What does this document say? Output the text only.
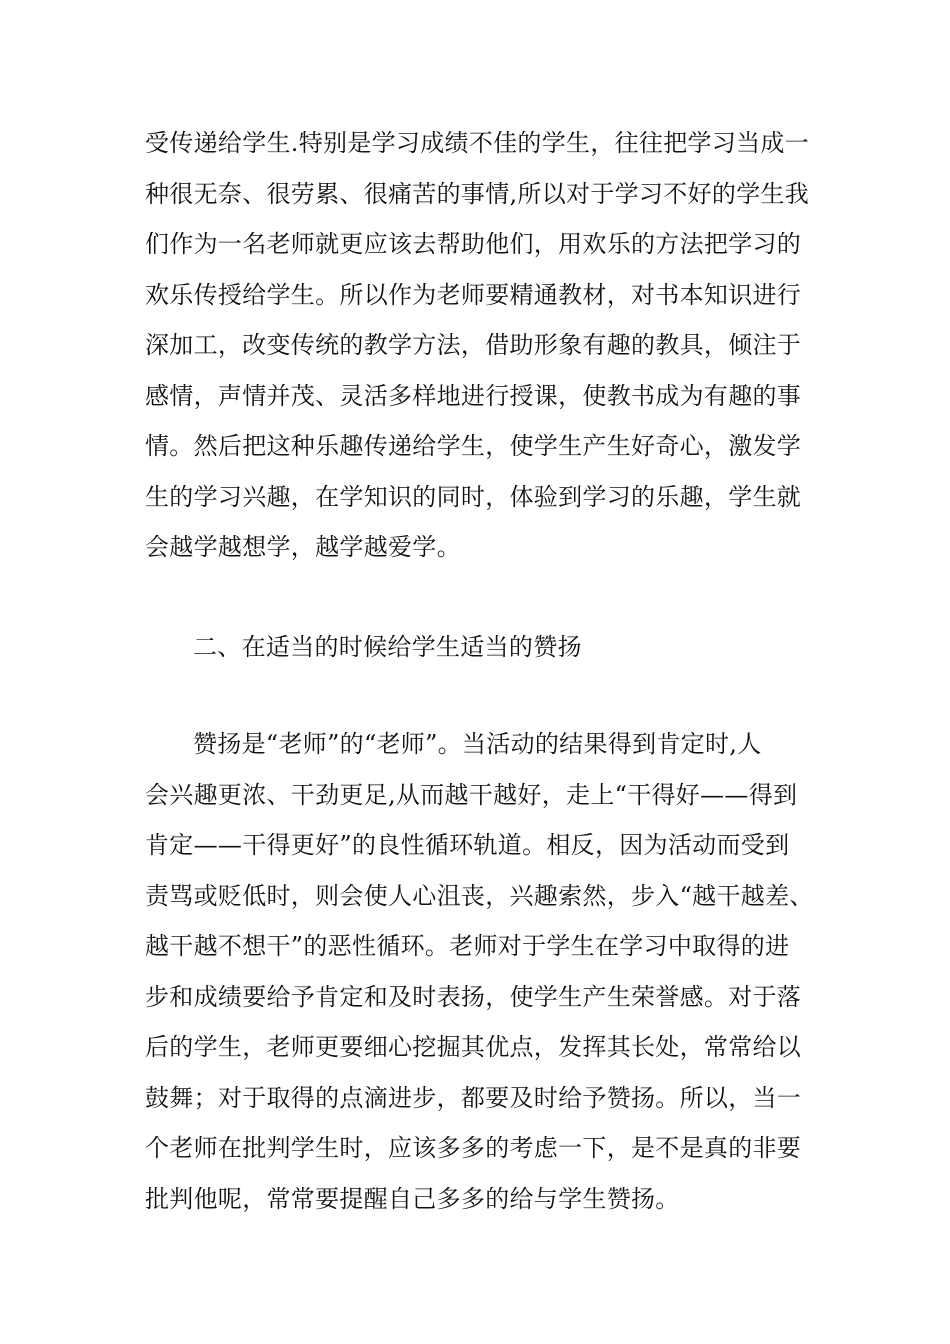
受传递给学生.特别是学习成绩不佳的学生，往往把学习当成一
种很无奈、很劳累、很痛苦的事情,所以对于学习不好的学生我
们作为一名老师就更应该去帮助他们，用欢乐的方法把学习的
欢乐传授给学生。所以作为老师要精通教材，对书本知识进行
深加工，改变传统的教学方法，借助形象有趣的教具，倾注于
感情，声情并茂、灵活多样地进行授课，使教书成为有趣的事
情。然后把这种乐趣传递给学生，使学生产生好奇心，激发学
生的学习兴趣，在学知识的同时，体验到学习的乐趣，学生就
会越学越想学，越学越爱学。
二、在适当的时候给学生适当的赞扬
赞扬是“老师”的“老师”。当活动的结果得到肯定时,人
会兴趣更浓、干劲更足,从而越干越好，走上“干得好——得到
肯定——干得更好”的良性循环轨道。相反，因为活动而受到
责骂或贬低时，则会使人心沮丧，兴趣索然，步入“越干越差、
越干越不想干”的恶性循环。老师对于学生在学习中取得的进
步和成绩要给予肯定和及时表扬，使学生产生荣誉感。对于落
后的学生，老师更要细心挖掘其优点，发挥其长处，常常给以
鼓舞；对于取得的点滴进步，都要及时给予赞扬。所以，当一
个老师在批判学生时，应该多多的考虑一下，是不是真的非要
批判他呢，常常要提醒自己多多的给与学生赞扬。
